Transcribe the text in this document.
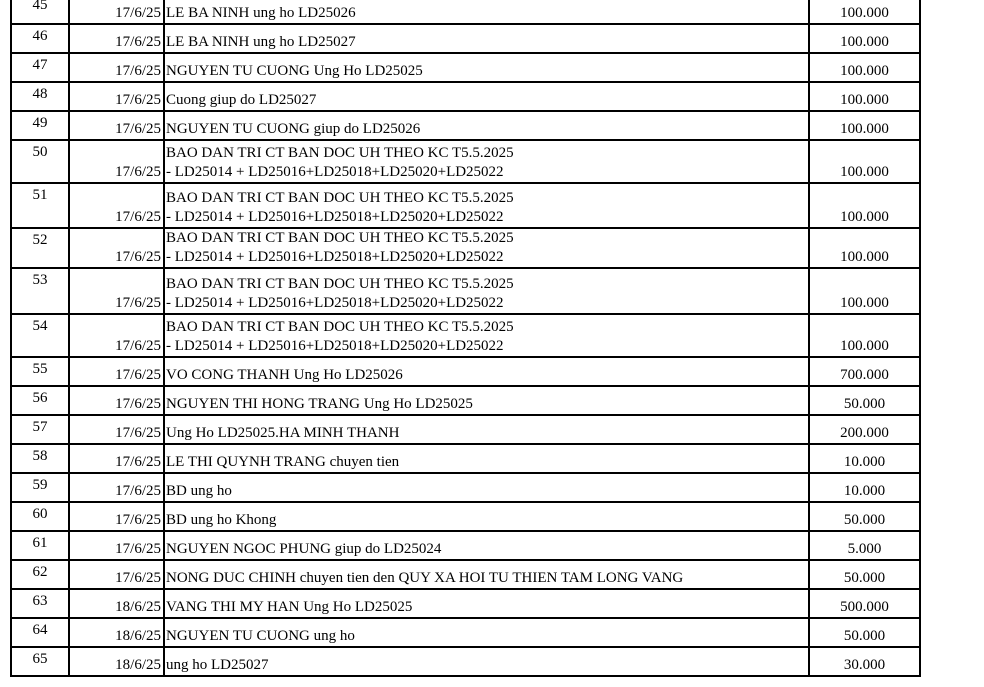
45	17/6/25	LE BA NINH ung ho LD25026	100.000
46	17/6/25	LE BA NINH ung ho LD25027	100.000
47	17/6/25	NGUYEN TU CUONG Ung Ho LD25025	100.000
48	17/6/25	Cuong giup do LD25027	100.000
49	17/6/25	NGUYEN TU CUONG giup do LD25026	100.000
50	17/6/25	BAO DAN TRI CT BAN DOC UH THEO KC T5.5.2025
- LD25014 + LD25016+LD25018+LD25020+LD25022	100.000
51	17/6/25	BAO DAN TRI CT BAN DOC UH THEO KC T5.5.2025
- LD25014 + LD25016+LD25018+LD25020+LD25022	100.000
52	17/6/25	BAO DAN TRI CT BAN DOC UH THEO KC T5.5.2025
- LD25014 + LD25016+LD25018+LD25020+LD25022	100.000
53	17/6/25	BAO DAN TRI CT BAN DOC UH THEO KC T5.5.2025
- LD25014 + LD25016+LD25018+LD25020+LD25022	100.000
54	17/6/25	BAO DAN TRI CT BAN DOC UH THEO KC T5.5.2025
- LD25014 + LD25016+LD25018+LD25020+LD25022	100.000
55	17/6/25	VO CONG THANH Ung Ho LD25026	700.000
56	17/6/25	NGUYEN THI HONG TRANG Ung Ho LD25025	50.000
57	17/6/25	Ung Ho LD25025.HA MINH THANH	200.000
58	17/6/25	LE THI QUYNH TRANG chuyen tien	10.000
59	17/6/25	BD ung ho	10.000
60	17/6/25	BD ung ho Khong	50.000
61	17/6/25	NGUYEN NGOC PHUNG giup do LD25024	5.000
62	17/6/25	NONG DUC CHINH chuyen tien den QUY XA HOI TU THIEN TAM LONG VANG	50.000
63	18/6/25	VANG THI MY HAN Ung Ho LD25025	500.000
64	18/6/25	NGUYEN TU CUONG ung ho	50.000
65	18/6/25	ung ho LD25027	30.000
